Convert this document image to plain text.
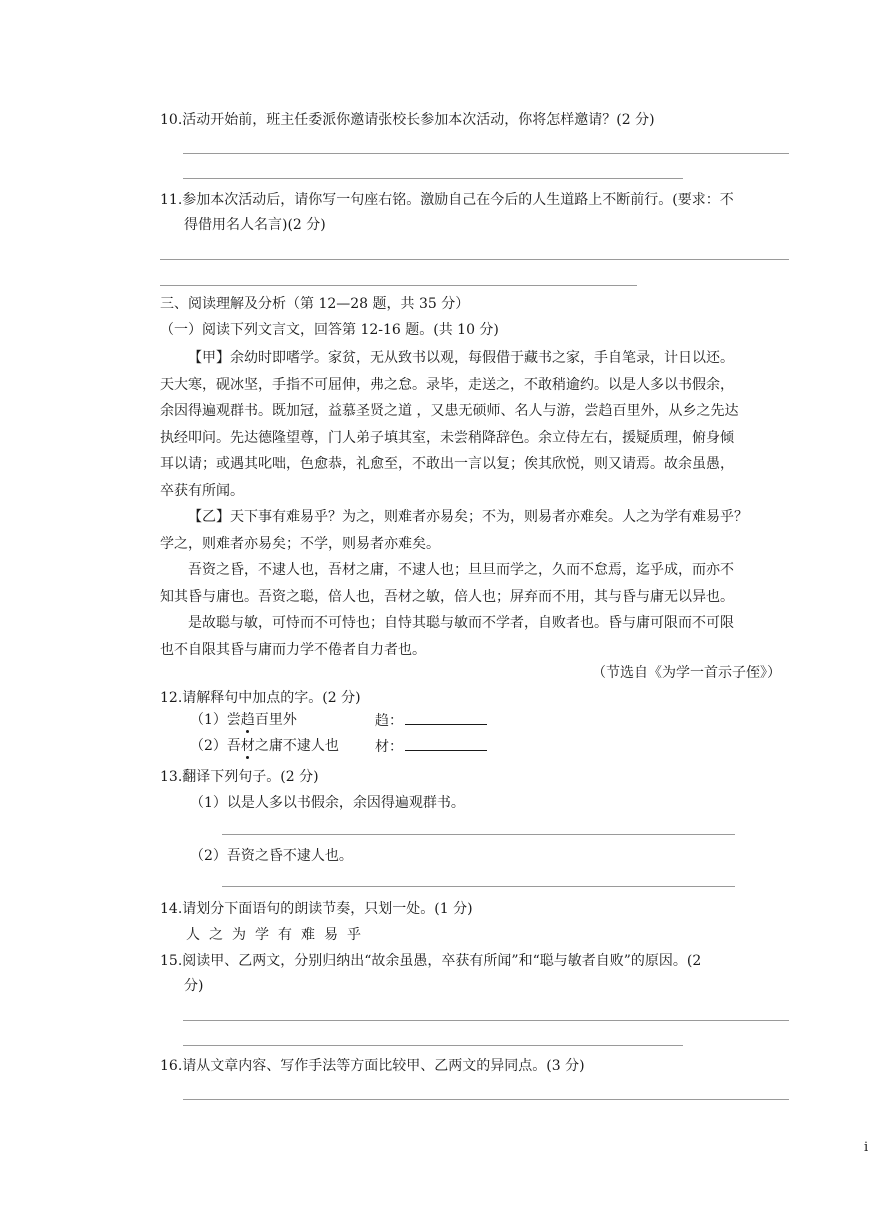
10.活动开始前，班主任委派你邀请张校长参加本次活动，你将怎样邀请？(2 分)
11.参加本次活动后，请你写一句座右铭。激励自己在今后的人生道路上不断前行。(要求：不
得借用名人名言)(2 分)
三、阅读理解及分析（第 12—28 题，共 35 分）
（一）阅读下列文言文，回答第 12-16 题。(共 10 分)
【甲】余幼时即嗜学。家贫，无从致书以观，每假借于藏书之家，手自笔录，计日以还。
天大寒，砚冰坚，手指不可屈伸，弗之怠。录毕，走送之，不敢稍逾约。以是人多以书假余，
余因得遍观群书。既加冠，益慕圣贤之道 ，又患无硕师、名人与游，尝趋百里外，从乡之先达
执经叩问。先达德隆望尊，门人弟子填其室，未尝稍降辞色。余立侍左右，援疑质理，俯身倾
耳以请；或遇其叱咄，色愈恭，礼愈至，不敢出一言以复；俟其欣悦，则又请焉。故余虽愚，
卒获有所闻。
【乙】天下事有难易乎？为之，则难者亦易矣；不为，则易者亦难矣。人之为学有难易乎？
学之，则难者亦易矣；不学，则易者亦难矣。
吾资之昏，不逮人也，吾材之庸，不逮人也；旦旦而学之，久而不怠焉，迄乎成，而亦不
知其昏与庸也。吾资之聪，倍人也，吾材之敏，倍人也；屏弃而不用，其与昏与庸无以异也。
是故聪与敏，可恃而不可恃也；自恃其聪与敏而不学者，自败者也。昏与庸可限而不可限
也不自限其昏与庸而力学不倦者自力者也。
（节选自《为学一首示子侄》）
12.请解释句中加点的字。(2 分)
（1）尝趋百里外	趋：
（2）吾材之庸不逮人也	材：
13.翻译下列句子。(2 分)
（1）以是人多以书假余，余因得遍观群书。
（2）吾资之昏不逮人也。
14.请划分下面语句的朗读节奏，只划一处。(1 分)
人之为学有难易乎
15.阅读甲、乙两文，分别归纳出“故余虽愚，卒获有所闻”和“聪与敏者自败”的原因。(2
分)
16.请从文章内容、写作手法等方面比较甲、乙两文的异同点。(3 分)
i
